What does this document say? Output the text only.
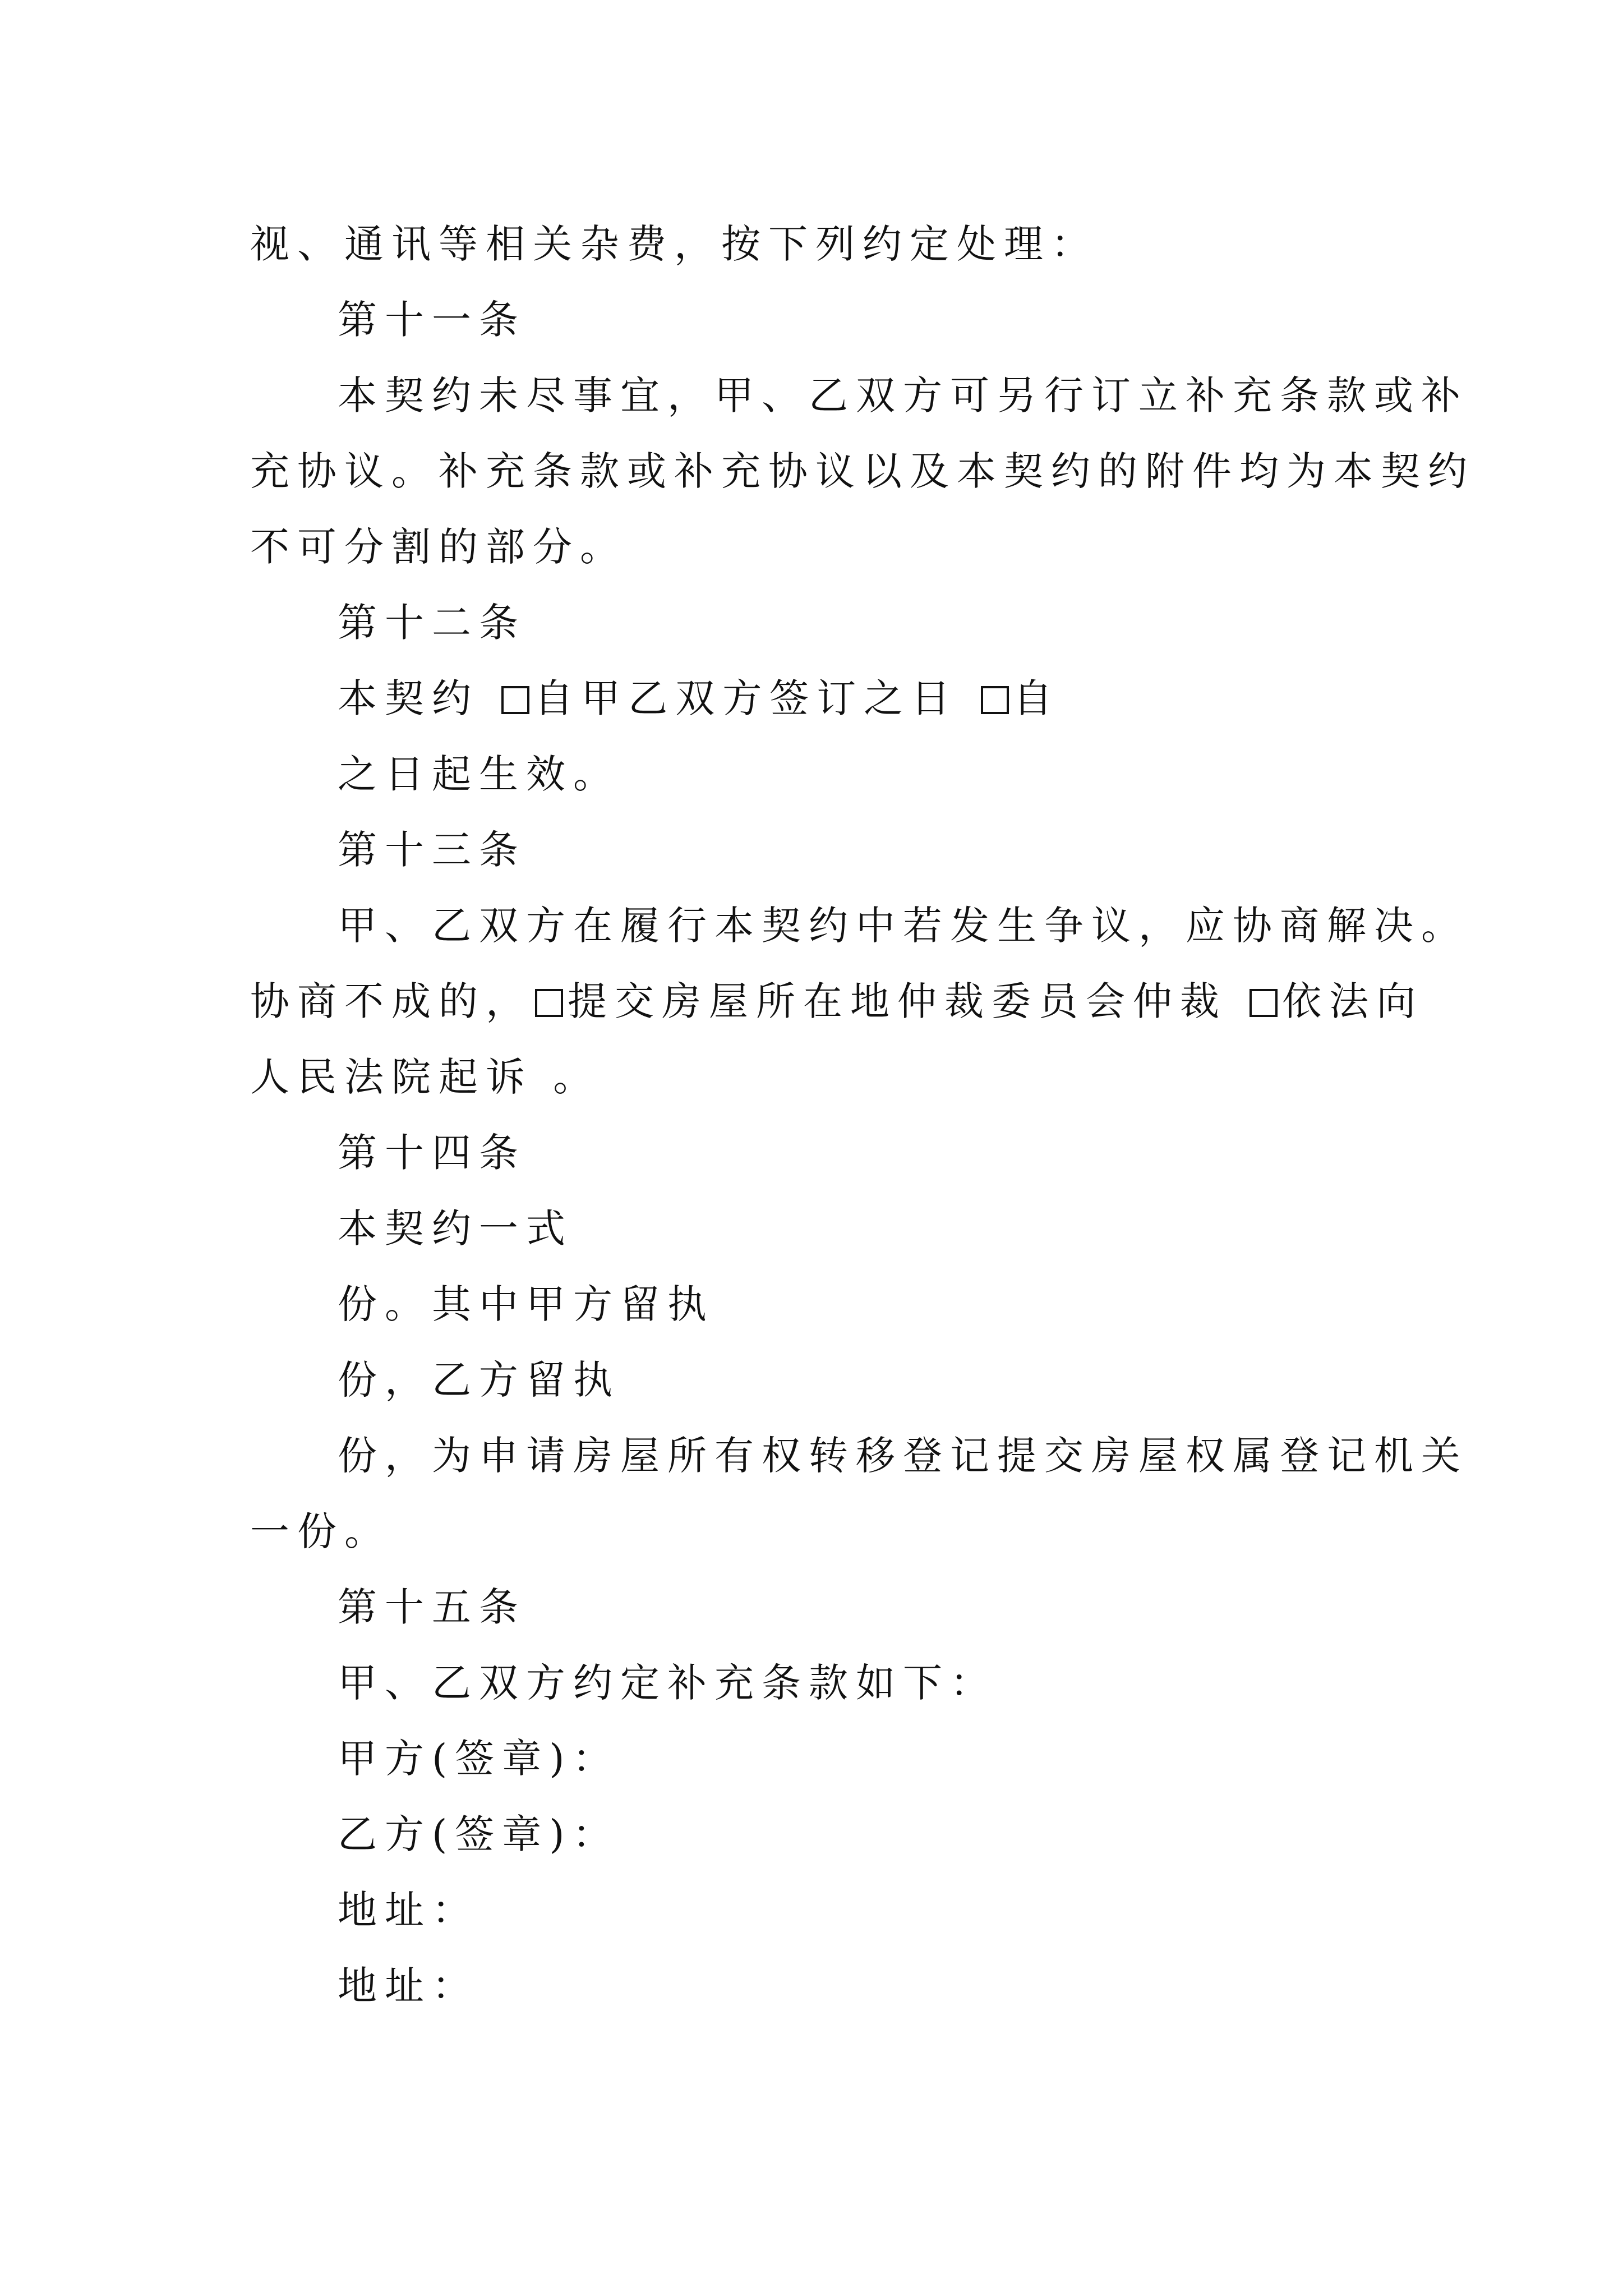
视、通讯等相关杂费，按下列约定处理：
第十一条
本契约未尽事宜，甲、乙双方可另行订立补充条款或补
充协议。补充条款或补充协议以及本契约的附件均为本契约
不可分割的部分。
第十二条
本契约 自甲乙双方签订之日 自
之日起生效。
第十三条
甲、乙双方在履行本契约中若发生争议，应协商解决。
协商不成的， 提交房屋所在地仲裁委员会仲裁 依法向
人民法院起诉 。
第十四条
本契约一式
份。其中甲方留执
份，乙方留执
份，为申请房屋所有权转移登记提交房屋权属登记机关
一份。
第十五条
甲、乙双方约定补充条款如下：
甲方(签章)：
乙方(签章)：
地址：
地址：
